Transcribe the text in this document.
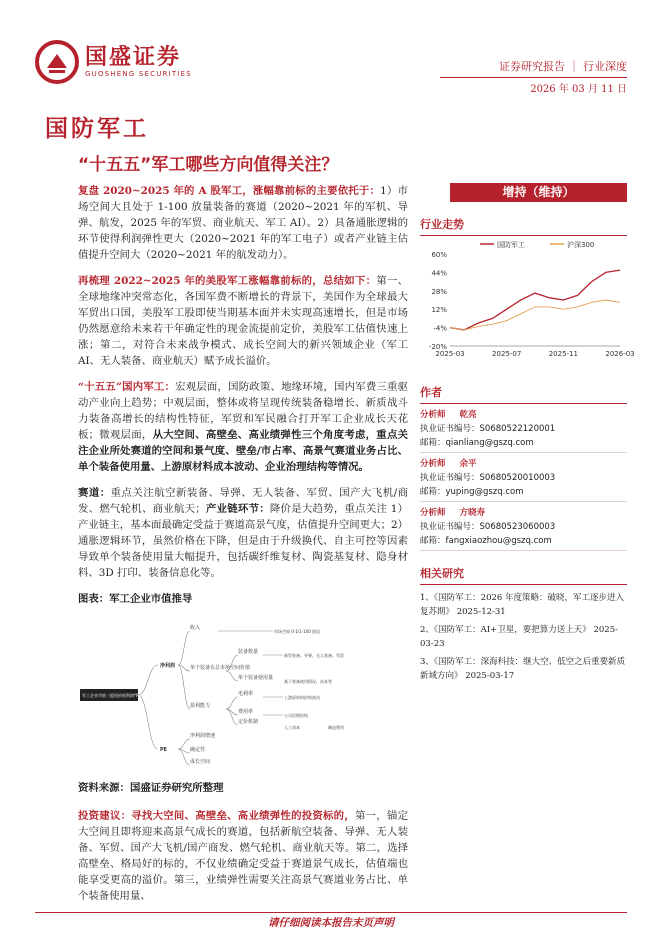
国盛证券
GUOSHENG SECURITIES
证券研究报告 ｜ 行业深度
2026 年 03 月 11 日
国防军工
“十五五”军工哪些方向值得关注？

复盘 2020~2025 年的 A 股军工，涨幅靠前标的主要依托于：1）市场空间大且处于 1-100 放量装备的赛道（2020~2021 年的军机、导弹、航发，2025 年的军贸、商业航天、军工 AI）。2）具备通胀逻辑的环节使得利润弹性更大（2020~2021 年的军工电子）或者产业链主估值提升空间大（2020~2021 年的航发动力）。

再梳理 2022~2025 年的美股军工涨幅靠前标的，总结如下：第一、全球地缘冲突常态化，各国军费不断增长的背景下，美国作为全球最大军贸出口国，美股军工股即使当期基本面并未实现高速增长，但是市场仍然愿意给未来若干年确定性的现金流提前定价，美股军工估值快速上涨；第二，对符合未来战争模式、成长空间大的新兴领域企业（军工 AI、无人装备、商业航天）赋予成长溢价。

“十五五”国内军工：宏观层面，国防政策、地缘环境，国内军费三重驱动产业向上趋势；中观层面，整体或将呈现传统装备稳增长、新质战斗力装备高增长的结构性特征，军贸和军民融合打开军工企业成长天花板；微观层面，从大空间、高壁垒、高业绩弹性三个角度考虑，重点关注企业所处赛道的空间和景气度、壁垒/市占率、高景气赛道业务占比、单个装备使用量、上游原材料成本波动、企业治理结构等情况。

赛道：重点关注航空新装备、导弹、无人装备、军贸、国产大飞机/商发、燃气轮机、商业航天；产业链环节：降价是大趋势，重点关注 1）产业链主，基本面最确定受益于赛道高景气度，估值提升空间更大；2）通胀逻辑环节，虽然价格在下降，但是由于升级换代、自主可控等因素导致单个装备使用量大幅提升，包括碳纤维复材、陶瓷基复材、隐身材料、3D 打印、装备信息化等。

图表：军工企业市值推导
军工企业市值（股权价值利润*PE倍数）
净利润
PE
收入
单个装备在总市场空间价值
盈利能力
净利润增速
确定性
成长空间
装备数量
单个装备使用量
毛利率
费用率
定价机制
市场空间 0-1/1-100 阶段
新型装备、导弹、无人装备、军贸
基于装备使用情况，成本等
上游原材料价格波动
公司治理结构
人工成本	制造费用
资料来源：国盛证券研究所整理

投资建议：寻找大空间、高壁垒、高业绩弹性的投资标的，第一，锚定大空间且即将迎来高景气成长的赛道，包括新航空装备、导弹、无人装备、军贸、国产大飞机/国产商发、燃气轮机、商业航天等。第二，选择高壁垒、格局好的标的，不仅业绩确定受益于赛道景气成长，估值端也能享受更高的溢价。第三，业绩弹性需要关注高景气赛道业务占比、单个装备使用量、

增持（维持）
行业走势
60%
44%
28%
12%
-4%
-20%
2025-03	2025-07	2025-11	2026-03
国防军工	沪深300
作者
分析师 乾亮
执业证书编号：S0680522120001
邮箱：qianliang@gszq.com
分析师 余平
执业证书编号：S0680520010003
邮箱：yuping@gszq.com
分析师 方晓寿
执业证书编号：S0680523060003
邮箱：fangxiaozhou@gszq.com
相关研究
1、《国防军工：2026 年度策略：破晓，军工逐步进入复苏期》 2025-12-31
2、《国防军工：AI+卫星，要把算力送上天》 2025-03-23
3、《国防军工：深海科技：继大空、低空之后重要新质新域方向》 2025-03-17
请仔细阅读本报告末页声明
